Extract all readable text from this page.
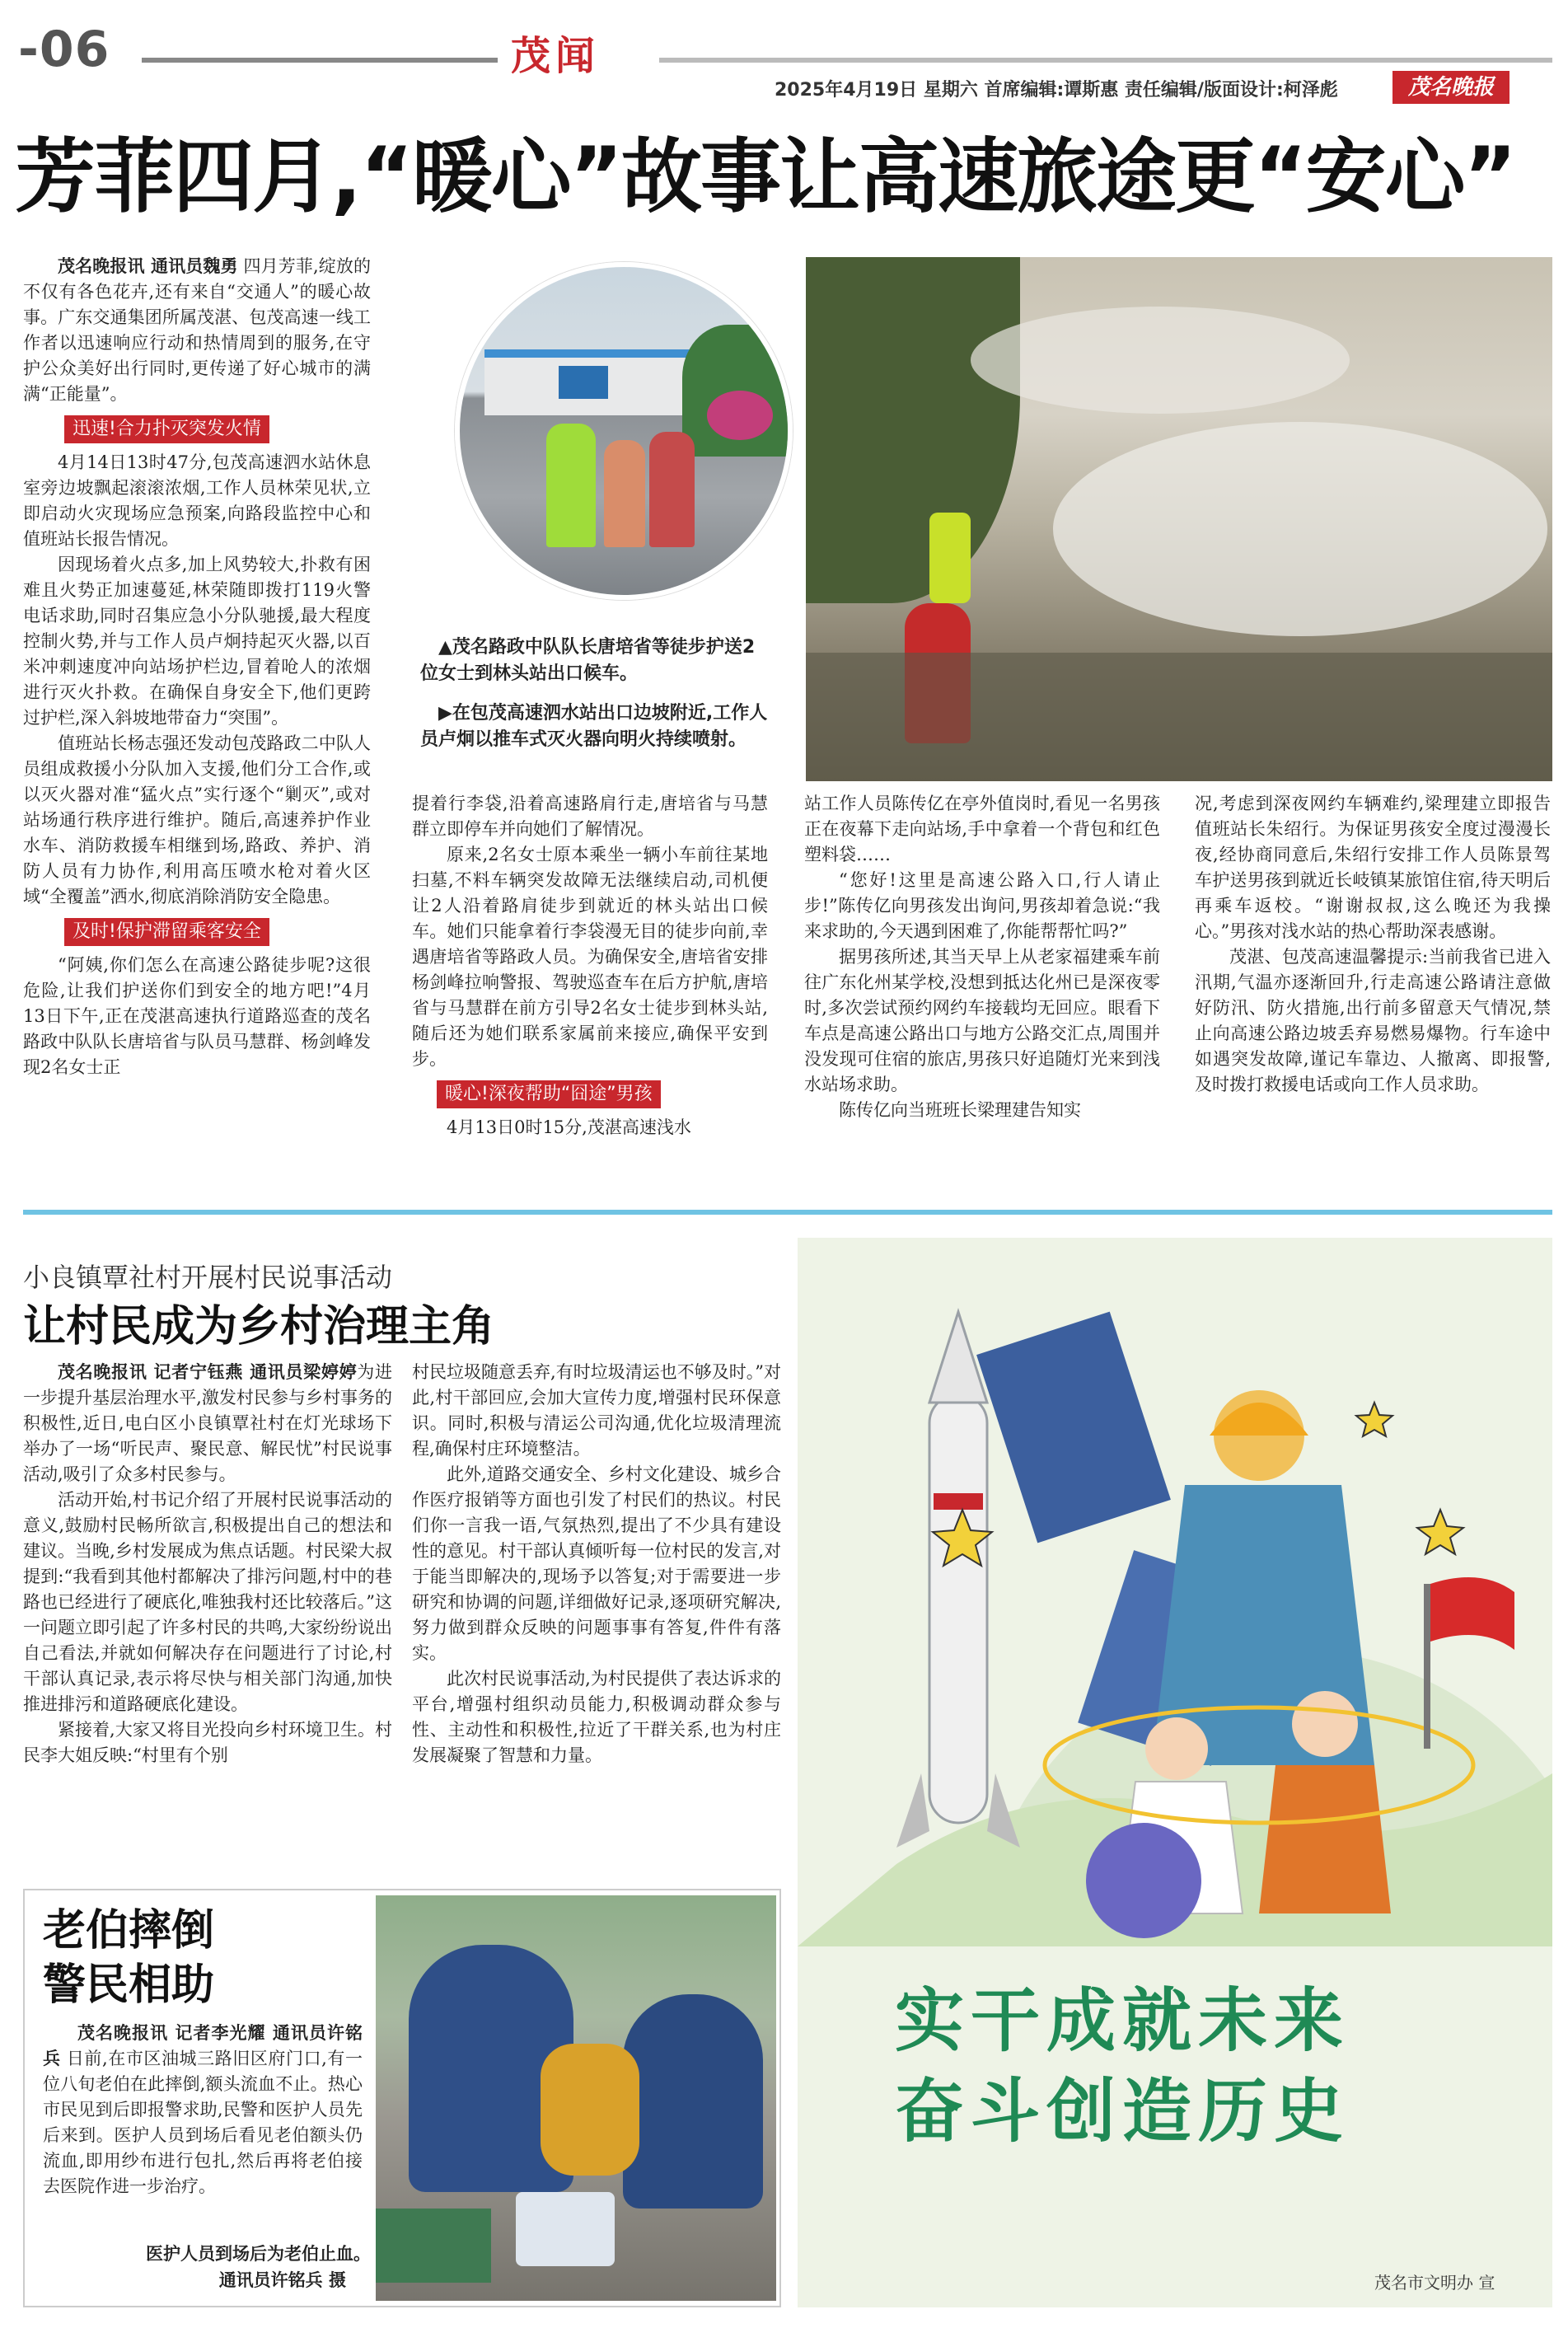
-06	茂闻
2025年4月19日 星期六 首席编辑:谭斯惠 责任编辑/版面设计:柯泽彪	茂名晚报
芳菲四月,“暖心”故事让高速旅途更“安心”

茂名晚报讯 通讯员魏勇 四月芳菲,绽放的不仅有各色花卉,还有来自“交通人”的暖心故事。广东交通集团所属茂湛、包茂高速一线工作者以迅速响应行动和热情周到的服务,在守护公众美好出行同时,更传递了好心城市的满满“正能量”。

迅速!合力扑灭突发火情

4月14日13时47分,包茂高速泗水站休息室旁边坡飘起滚滚浓烟,工作人员林荣见状,立即启动火灾现场应急预案,向路段监控中心和值班站长报告情况。

因现场着火点多,加上风势较大,扑救有困难且火势正加速蔓延,林荣随即拨打119火警电话求助,同时召集应急小分队驰援,最大程度控制火势,并与工作人员卢炯持起灭火器,以百米冲刺速度冲向站场护栏边,冒着呛人的浓烟进行灭火扑救。在确保自身安全下,他们更跨过护栏,深入斜坡地带奋力“突围”。

值班站长杨志强还发动包茂路政二中队人员组成救援小分队加入支援,他们分工合作,或以灭火器对准“猛火点”实行逐个“剿灭”,或对站场通行秩序进行维护。随后,高速养护作业水车、消防救援车相继到场,路政、养护、消防人员有力协作,利用高压喷水枪对着火区域“全覆盖”洒水,彻底消除消防安全隐患。

及时!保护滞留乘客安全

“阿姨,你们怎么在高速公路徒步呢?这很危险,让我们护送你们到安全的地方吧!”4月13日下午,正在茂湛高速执行道路巡查的茂名路政中队队长唐培省与队员马慧群、杨剑峰发现2名女士正

▲茂名路政中队队长唐培省等徒步护送2位女士到林头站出口候车。
▶在包茂高速泗水站出口边坡附近,工作人员卢炯以推车式灭火器向明火持续喷射。

提着行李袋,沿着高速路肩行走,唐培省与马慧群立即停车并向她们了解情况。

原来,2名女士原本乘坐一辆小车前往某地扫墓,不料车辆突发故障无法继续启动,司机便让2人沿着路肩徒步到就近的林头站出口候车。她们只能拿着行李袋漫无目的徒步向前,幸遇唐培省等路政人员。为确保安全,唐培省安排杨剑峰拉响警报、驾驶巡查车在后方护航,唐培省与马慧群在前方引导2名女士徒步到林头站,随后还为她们联系家属前来接应,确保平安到步。

暖心!深夜帮助“囧途”男孩

4月13日0时15分,茂湛高速浅水

站工作人员陈传亿在亭外值岗时,看见一名男孩正在夜幕下走向站场,手中拿着一个背包和红色塑料袋……

“您好!这里是高速公路入口,行人请止步!”陈传亿向男孩发出询问,男孩却着急说:“我来求助的,今天遇到困难了,你能帮帮忙吗?”

据男孩所述,其当天早上从老家福建乘车前往广东化州某学校,没想到抵达化州已是深夜零时,多次尝试预约网约车接载均无回应。眼看下车点是高速公路出口与地方公路交汇点,周围并没发现可住宿的旅店,男孩只好追随灯光来到浅水站场求助。

陈传亿向当班班长梁理建告知实

况,考虑到深夜网约车辆难约,梁理建立即报告值班站长朱绍行。为保证男孩安全度过漫漫长夜,经协商同意后,朱绍行安排工作人员陈景驾车护送男孩到就近长岐镇某旅馆住宿,待天明后再乘车返校。“谢谢叔叔,这么晚还为我操心。”男孩对浅水站的热心帮助深表感谢。

茂湛、包茂高速温馨提示:当前我省已进入汛期,气温亦逐渐回升,行走高速公路请注意做好防汛、防火措施,出行前多留意天气情况,禁止向高速公路边坡丢弃易燃易爆物。行车途中如遇突发故障,谨记车靠边、人撤离、即报警,及时拨打救援电话或向工作人员求助。

小良镇覃社村开展村民说事活动
让村民成为乡村治理主角

茂名晚报讯 记者宁钰燕 通讯员梁婷婷为进一步提升基层治理水平,激发村民参与乡村事务的积极性,近日,电白区小良镇覃社村在灯光球场下举办了一场“听民声、聚民意、解民忧”村民说事活动,吸引了众多村民参与。

活动开始,村书记介绍了开展村民说事活动的意义,鼓励村民畅所欲言,积极提出自己的想法和建议。当晚,乡村发展成为焦点话题。村民梁大叔提到:“我看到其他村都解决了排污问题,村中的巷路也已经进行了硬底化,唯独我村还比较落后。”这一问题立即引起了许多村民的共鸣,大家纷纷说出自己看法,并就如何解决存在问题进行了讨论,村干部认真记录,表示将尽快与相关部门沟通,加快推进排污和道路硬底化建设。

紧接着,大家又将目光投向乡村环境卫生。村民李大姐反映:“村里有个别

村民垃圾随意丢弃,有时垃圾清运也不够及时。”对此,村干部回应,会加大宣传力度,增强村民环保意识。同时,积极与清运公司沟通,优化垃圾清理流程,确保村庄环境整洁。

此外,道路交通安全、乡村文化建设、城乡合作医疗报销等方面也引发了村民们的热议。村民们你一言我一语,气氛热烈,提出了不少具有建设性的意见。村干部认真倾听每一位村民的发言,对于能当即解决的,现场予以答复;对于需要进一步研究和协调的问题,详细做好记录,逐项研究解决,努力做到群众反映的问题事事有答复,件件有落实。

此次村民说事活动,为村民提供了表达诉求的平台,增强村组织动员能力,积极调动群众参与性、主动性和积极性,拉近了干群关系,也为村庄发展凝聚了智慧和力量。

老伯摔倒
警民相助

茂名晚报讯 记者李光耀 通讯员许铭兵 日前,在市区油城三路旧区府门口,有一位八旬老伯在此摔倒,额头流血不止。热心市民见到后即报警求助,民警和医护人员先后来到。医护人员到场后看见老伯额头仍流血,即用纱布进行包扎,然后再将老伯接去医院作进一步治疗。

医护人员到场后为老伯止血。
通讯员许铭兵 摄
实干成就未来
奋斗创造历史
茂名市文明办 宣
